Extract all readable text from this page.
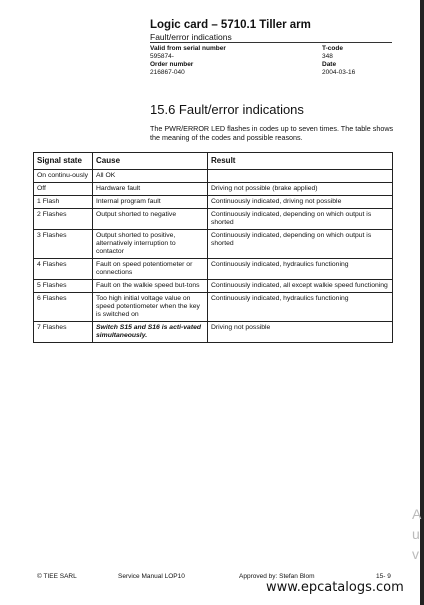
Logic card – 5710.1 Tiller arm
Fault/error indications
Valid from serial number
595874-
Order number
216867-040
T-code
348
Date
2004-03-16
15.6 Fault/error indications
The PWR/ERROR LED flashes in codes up to seven times. The table shows the meaning of the codes and possible reasons.
Signal state	Cause	Result
On continu-ously	All OK	
Off	Hardware fault	Driving not possible (brake applied)
1 Flash	Internal program fault	Continuously indicated, driving not possible
2 Flashes	Output shorted to negative	Continuously indicated, depending on which output is shorted
3 Flashes	Output shorted to positive, alternatively interruption to contactor	Continuously indicated, depending on which output is shorted
4 Flashes	Fault on speed potentiometer or connections	Continuously indicated, hydraulics functioning
5 Flashes	Fault on the walkie speed but-tons	Continuously indicated, all except walkie speed functioning
6 Flashes	Too high initial voltage value on speed potentiometer when the key is switched on	Continuously indicated, hydraulics functioning
7 Flashes	Switch S15 and S16 is acti-vated simultaneously.	Driving not possible
A
u
v
© TIEE SARL	Service Manual LOP10	Approved by: Stefan Blom	15- 9
www.epcatalogs.com
